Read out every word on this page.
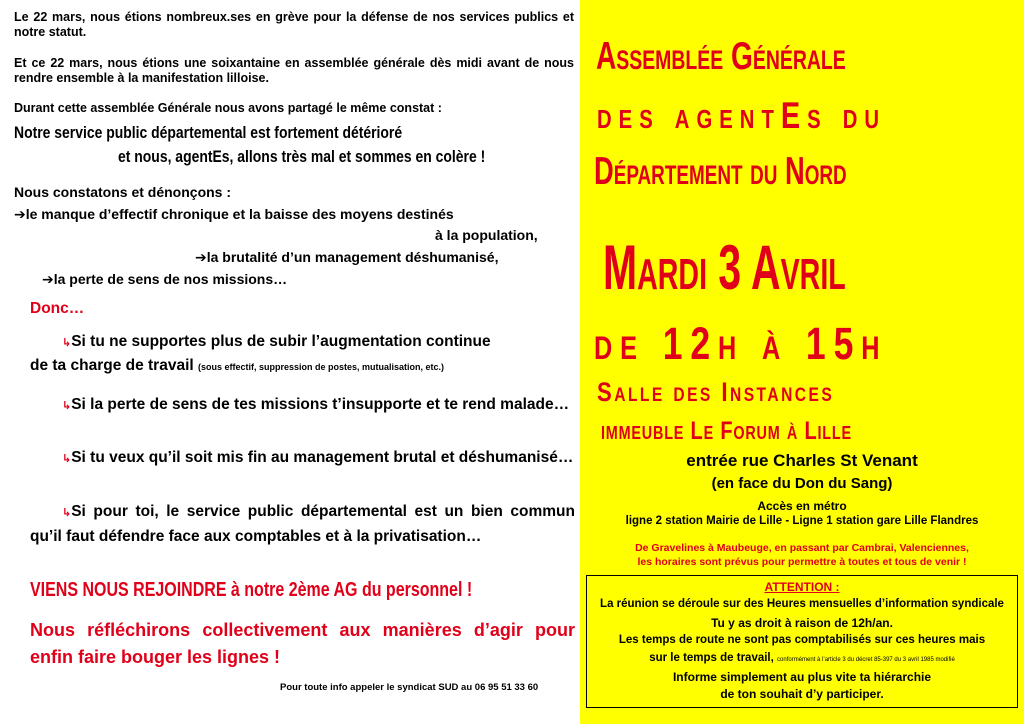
Le 22 mars, nous étions nombreux.ses en grève pour la défense de nos services publics et notre statut.

Et ce 22 mars, nous étions une soixantaine en assemblée générale dès midi avant de nous rendre ensemble à la manifestation lilloise.

Durant cette assemblée Générale nous avons partagé le même constat :

Notre service public départemental est fortement détérioré
et nous, agentEs, allons très mal et sommes en colère !
Nous constatons et dénonçons :
➔le manque d’effectif chronique et la baisse des moyens destinés
à la population,
➔la brutalité d’un management déshumanisé,
➔la perte de sens de nos missions…
Donc…
↳Si tu ne supportes plus de subir l’augmentation continue
de ta charge de travail (sous effectif, suppression de postes, mutualisation, etc.)
↳Si la perte de sens de tes missions t’insupporte et te rend malade…
↳Si tu veux qu’il soit mis fin au management brutal et déshumanisé…
↳Si pour toi, le service public départemental est un bien commun qu’il faut défendre face aux comptables et à la privatisation…
VIENS NOUS REJOINDRE à notre 2ème AG du personnel !
Nous réfléchirons collectivement aux manières d’agir pour enfin faire bouger les lignes !
Pour toute info appeler le syndicat SUD au 06 95 51 33 60
Assemblée Générale
des agentEs du
Département du Nord
Mardi 3 Avril
de 12h à 15h
Salle des Instances
immeuble Le Forum à Lille
entrée rue Charles St Venant
(en face du Don du Sang)
Accès en métro
ligne 2 station Mairie de Lille - Ligne 1 station gare Lille Flandres
De Gravelines à Maubeuge, en passant par Cambrai, Valenciennes,
les horaires sont prévus pour permettre à toutes et tous de venir !
ATTENTION :
La réunion se déroule sur des Heures mensuelles d’information syndicale
Tu y as droit à raison de 12h/an.
Les temps de route ne sont pas comptabilisés sur ces heures mais
sur le temps de travail, conformément à l’article 3 du décret 85-397 du 3 avril 1985 modifié
Informe simplement au plus vite ta hiérarchie
de ton souhait d’y participer.
